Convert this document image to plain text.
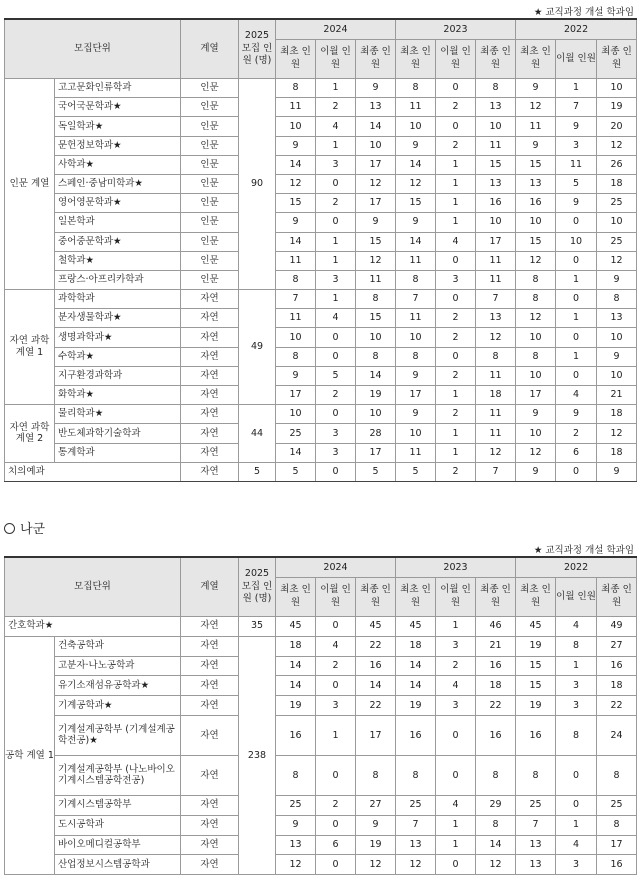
★ 교직과정 개설 학과임
모집단위		계열	2025 모집 인원 (명)	2024			2023			2022		
				최초 인원	이월 인원	최종 인원	최초 인원	이월 인원	최종 인원	최초 인원	이월 인원	최종 인원
인문 계열	고고문화인류학과	인문	90	8	1	9	8	0	8	9	1	10
	국어국문학과★	인문		11	2	13	11	2	13	12	7	19
	독일학과★	인문		10	4	14	10	0	10	11	9	20
	문헌정보학과★	인문		9	1	10	9	2	11	9	3	12
	사학과★	인문		14	3	17	14	1	15	15	11	26
	스페인·중남미학과★	인문		12	0	12	12	1	13	13	5	18
	영어영문학과★	인문		15	2	17	15	1	16	16	9	25
	일본학과	인문		9	0	9	9	1	10	10	0	10
	중어중문학과★	인문		14	1	15	14	4	17	15	10	25
	철학과★	인문		11	1	12	11	0	11	12	0	12
	프랑스·아프리카학과	인문		8	3	11	8	3	11	8	1	9
자연 과학 계열 1	과학학과	자연	49	7	1	8	7	0	7	8	0	8
	분자생물학과★	자연		11	4	15	11	2	13	12	1	13
	생명과학과★	자연		10	0	10	10	2	12	10	0	10
	수학과★	자연		8	0	8	8	0	8	8	1	9
	지구환경과학과	자연		9	5	14	9	2	11	10	0	10
	화학과★	자연		17	2	19	17	1	18	17	4	21
자연 과학 계열 2	물리학과★	자연	44	10	0	10	9	2	11	9	9	18
	반도체과학기술학과	자연		25	3	28	10	1	11	10	2	12
	통계학과	자연		14	3	17	11	1	12	12	6	18
치의예과		자연	5	5	0	5	5	2	7	9	0	9
나군
★ 교직과정 개설 학과임
모집단위		계열	2025 모집 인원 (명)	2024			2023			2022		
				최초 인원	이월 인원	최종 인원	최초 인원	이월 인원	최종 인원	최초 인원	이월 인원	최종 인원
간호학과★		자연	35	45	0	45	45	1	46	45	4	49
공학 계열 1	건축공학과	자연	238	18	4	22	18	3	21	19	8	27
	고분자·나노공학과	자연		14	2	16	14	2	16	15	1	16
	유기소재섬유공학과★	자연		14	0	14	14	4	18	15	3	18
	기계공학과★	자연		19	3	22	19	3	22	19	3	22
	기계설계공학부 (기계설계공학전공)★	자연		16	1	17	16	0	16	16	8	24
	기계설계공학부 (나노바이오기계시스템공학전공)	자연		8	0	8	8	0	8	8	0	8
	기계시스템공학부	자연		25	2	27	25	4	29	25	0	25
	도시공학과	자연		9	0	9	7	1	8	7	1	8
	바이오메디컬공학부	자연		13	6	19	13	1	14	13	4	17
	산업정보시스템공학과	자연		12	0	12	12	0	12	13	3	16
